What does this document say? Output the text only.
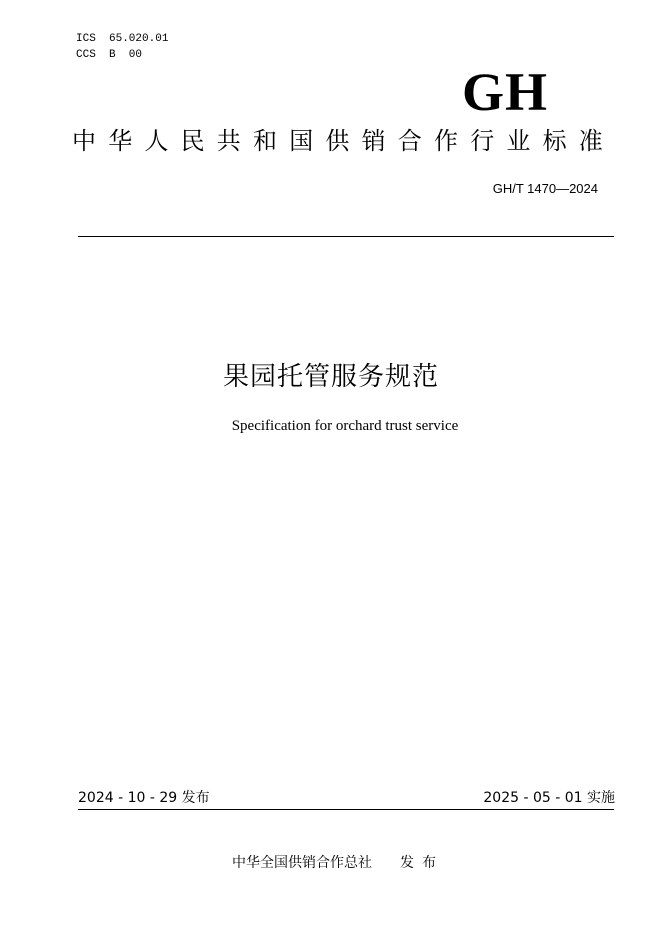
ICS  65.020.01
CCS  B  00
GH
中华人民共和国供销合作行业标准
GH/T 1470—2024
果园托管服务规范
Specification for orchard trust service
2024 - 10 - 29 发布	2025 - 05 - 01 实施
中华全国供销合作总社 发布
